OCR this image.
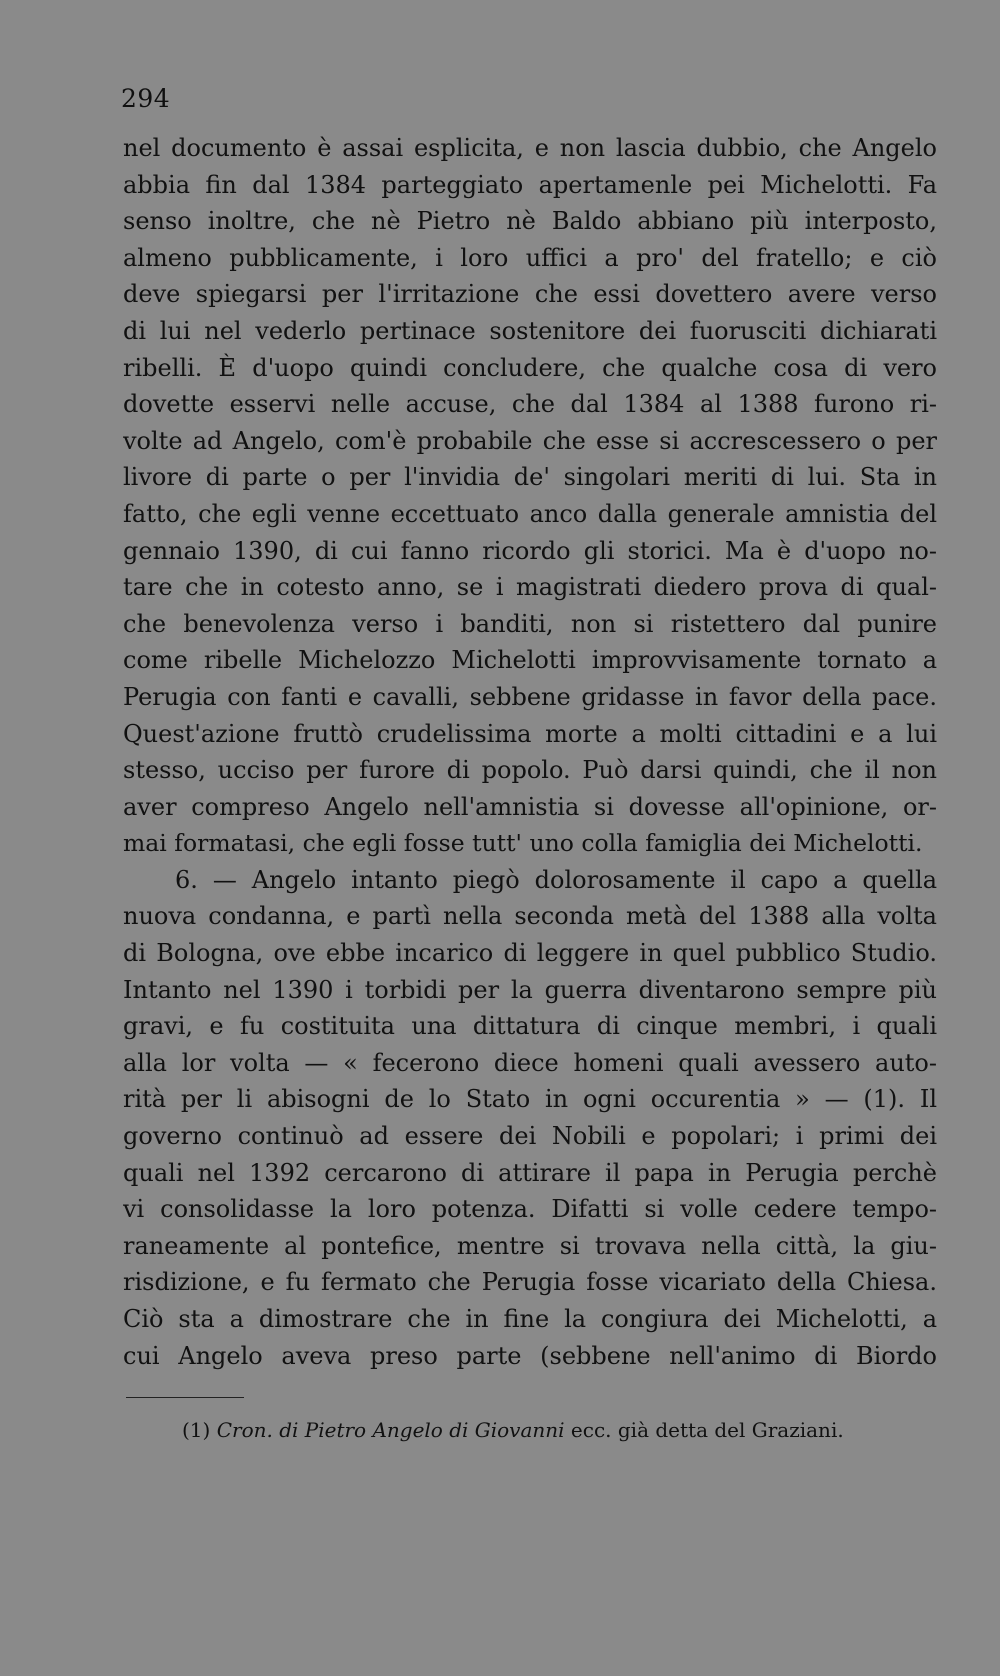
294
nel documento è assai esplicita, e non lascia dubbio, che Angelo
abbia fin dal 1384 parteggiato apertamenle pei Michelotti. Fa
senso inoltre, che nè Pietro nè Baldo abbiano più interposto,
almeno pubblicamente, i loro uffici a pro' del fratello; e ciò
deve spiegarsi per l'irritazione che essi dovettero avere verso
di lui nel vederlo pertinace sostenitore dei fuorusciti dichiarati
ribelli. È d'uopo quindi concludere, che qualche cosa di vero
dovette esservi nelle accuse, che dal 1384 al 1388 furono ri-
volte ad Angelo, com'è probabile che esse si accrescessero o per
livore di parte o per l'invidia de' singolari meriti di lui. Sta in
fatto, che egli venne eccettuato anco dalla generale amnistia del
gennaio 1390, di cui fanno ricordo gli storici. Ma è d'uopo no-
tare che in cotesto anno, se i magistrati diedero prova di qual-
che benevolenza verso i banditi, non si ristettero dal punire
come ribelle Michelozzo Michelotti improvvisamente tornato a
Perugia con fanti e cavalli, sebbene gridasse in favor della pace.
Quest'azione fruttò crudelissima morte a molti cittadini e a lui
stesso, ucciso per furore di popolo. Può darsi quindi, che il non
aver compreso Angelo nell'amnistia si dovesse all'opinione, or-
mai formatasi, che egli fosse tutt' uno colla famiglia dei Michelotti.
6. — Angelo intanto piegò dolorosamente il capo a quella
nuova condanna, e partì nella seconda metà del 1388 alla volta
di Bologna, ove ebbe incarico di leggere in quel pubblico Studio.
Intanto nel 1390 i torbidi per la guerra diventarono sempre più
gravi, e fu costituita una dittatura di cinque membri, i quali
alla lor volta — « fecerono diece homeni quali avessero auto-
rità per li abisogni de lo Stato in ogni occurentia » — (1). Il
governo continuò ad essere dei Nobili e popolari; i primi dei
quali nel 1392 cercarono di attirare il papa in Perugia perchè
vi consolidasse la loro potenza. Difatti si volle cedere tempo-
raneamente al pontefice, mentre si trovava nella città, la giu-
risdizione, e fu fermato che Perugia fosse vicariato della Chiesa.
Ciò sta a dimostrare che in fine la congiura dei Michelotti, a
cui Angelo aveva preso parte (sebbene nell'animo di Biordo
(1) Cron. di Pietro Angelo di Giovanni ecc. già detta del Graziani.
